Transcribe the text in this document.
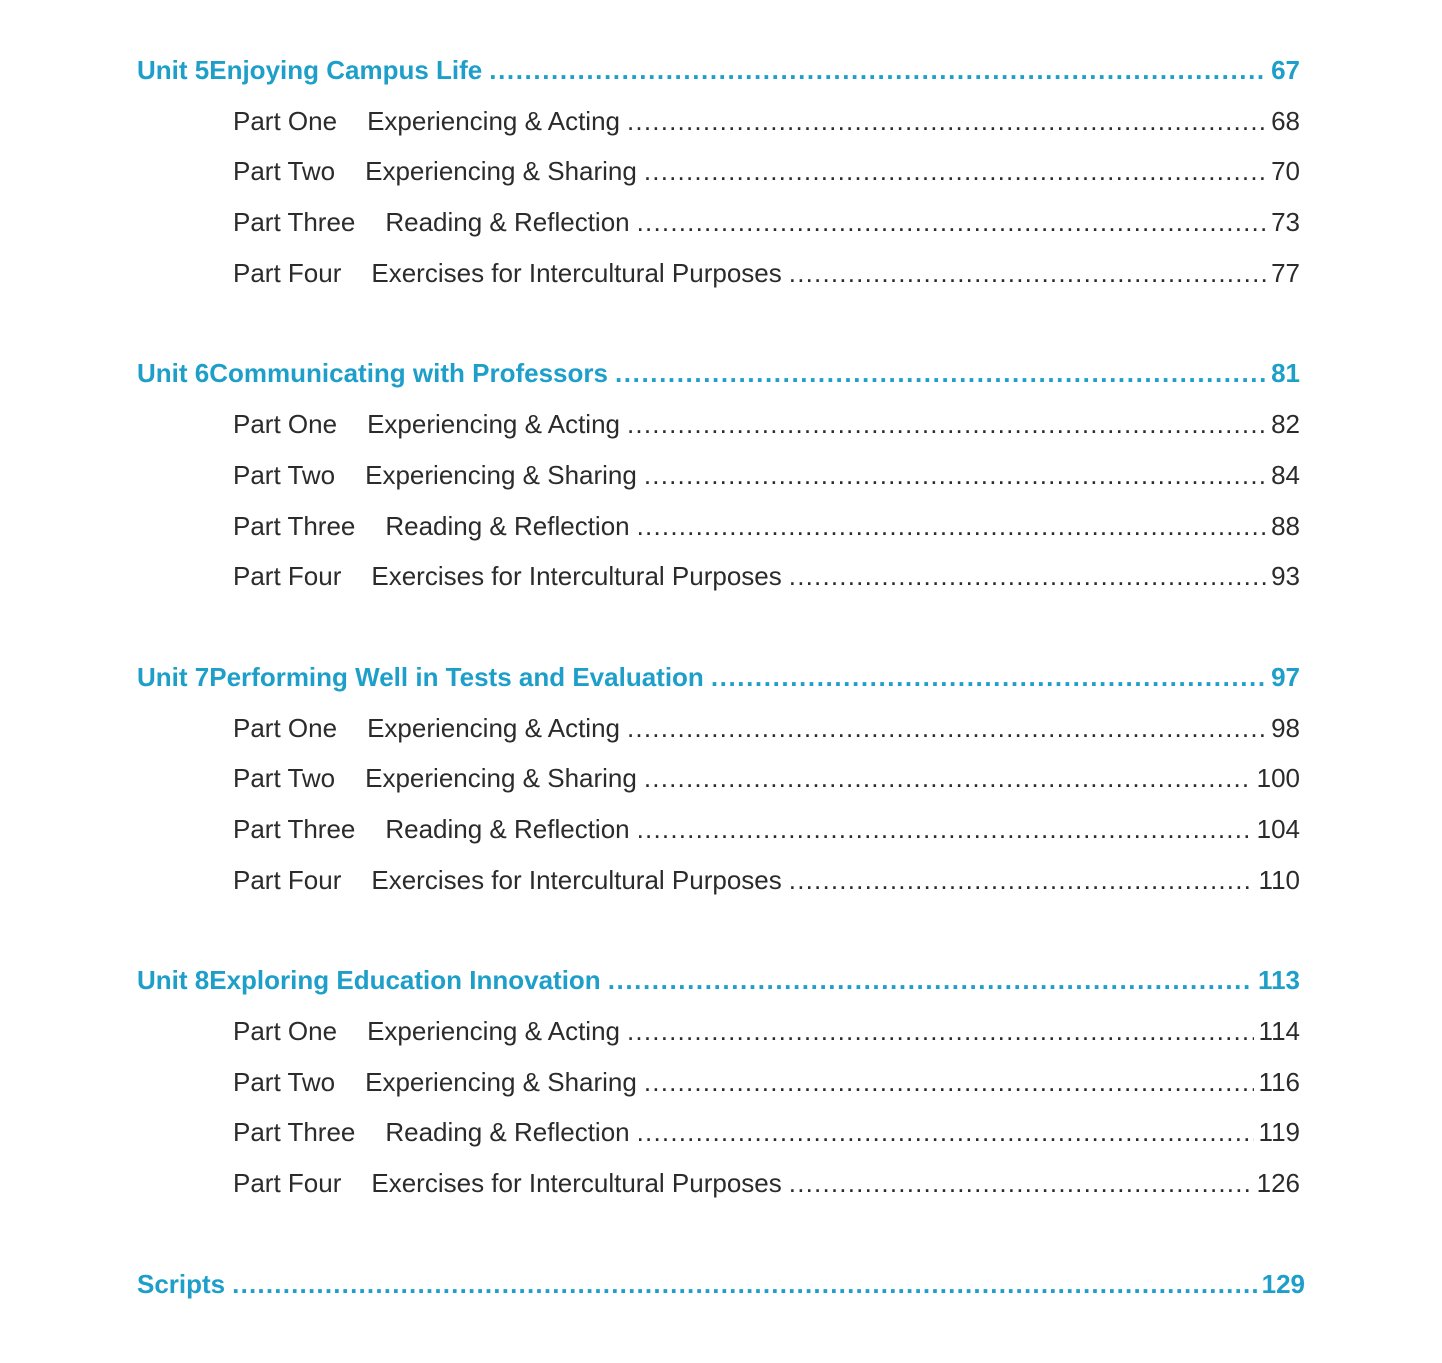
Unit 5 Enjoying Campus Life .....	67
Part One Experiencing & Acting .....	68
Part Two Experiencing & Sharing .....	70
Part Three Reading & Reflection .....	73
Part Four Exercises for Intercultural Purposes .....	77
Unit 6 Communicating with Professors .....	81
Part One Experiencing & Acting .....	82
Part Two Experiencing & Sharing .....	84
Part Three Reading & Reflection .....	88
Part Four Exercises for Intercultural Purposes .....	93
Unit 7 Performing Well in Tests and Evaluation .....	97
Part One Experiencing & Acting .....	98
Part Two Experiencing & Sharing .....	100
Part Three Reading & Reflection .....	104
Part Four Exercises for Intercultural Purposes .....	110
Unit 8 Exploring Education Innovation .....	113
Part One Experiencing & Acting .....	114
Part Two Experiencing & Sharing .....	116
Part Three Reading & Reflection .....	119
Part Four Exercises for Intercultural Purposes .....	126
Scripts .....	129
